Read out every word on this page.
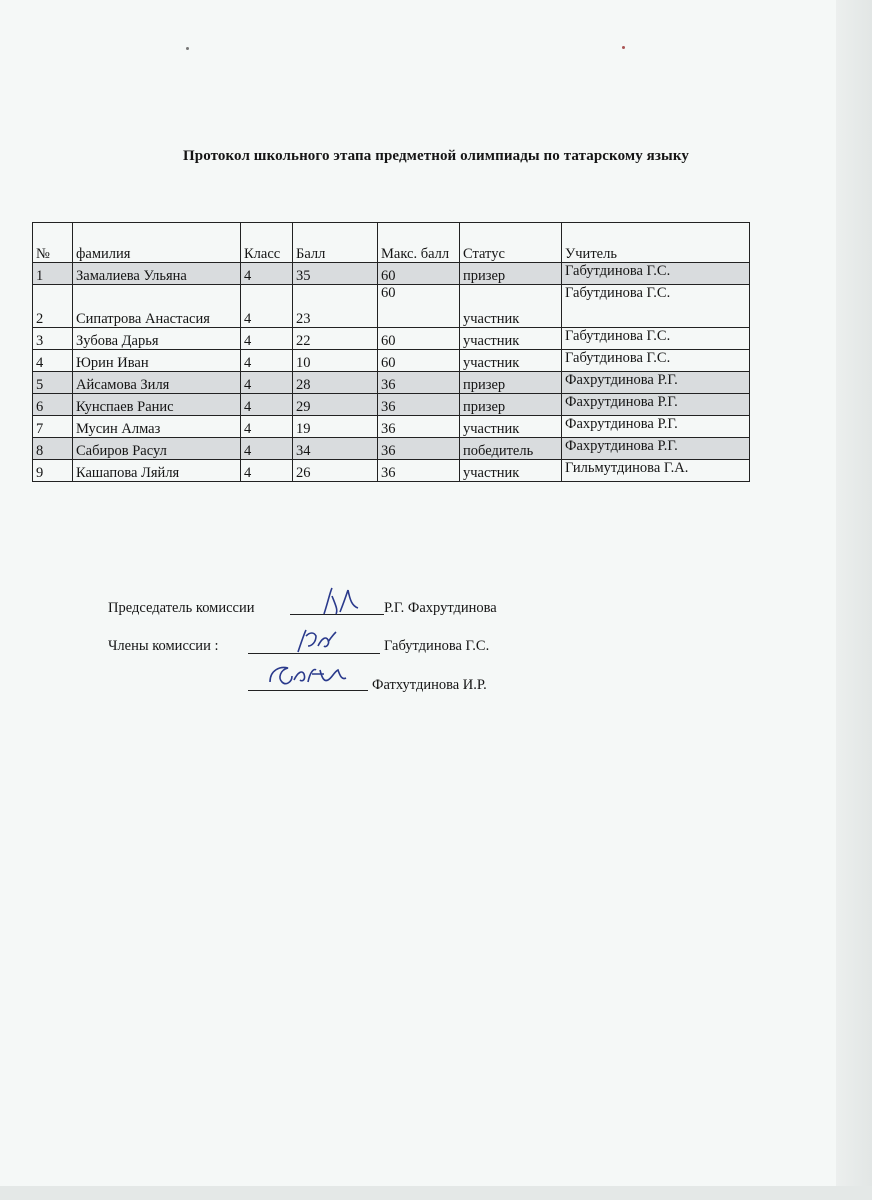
Протокол школьного этапа предметной олимпиады по татарскому языку
№	фамилия	Класс	Балл	Макс. балл	Статус	Учитель
1	Замалиева Ульяна	4	35	60	призер	Габутдинова Г.С.
2	Сипатрова Анастасия	4	23	60	участник	Габутдинова Г.С.
3	Зубова Дарья	4	22	60	участник	Габутдинова Г.С.
4	Юрин Иван	4	10	60	участник	Габутдинова Г.С.
5	Айсамова Зиля	4	28	36	призер	Фахрутдинова Р.Г.
6	Кунспаев Ранис	4	29	36	призер	Фахрутдинова Р.Г.
7	Мусин Алмаз	4	19	36	участник	Фахрутдинова Р.Г.
8	Сабиров Расул	4	34	36	победитель	Фахрутдинова Р.Г.
9	Кашапова Ляйля	4	26	36	участник	Гильмутдинова Г.А.
Председатель комиссии	Р.Г. Фахрутдинова
Члены комиссии :	Габутдинова Г.С.
Фатхутдинова И.Р.
